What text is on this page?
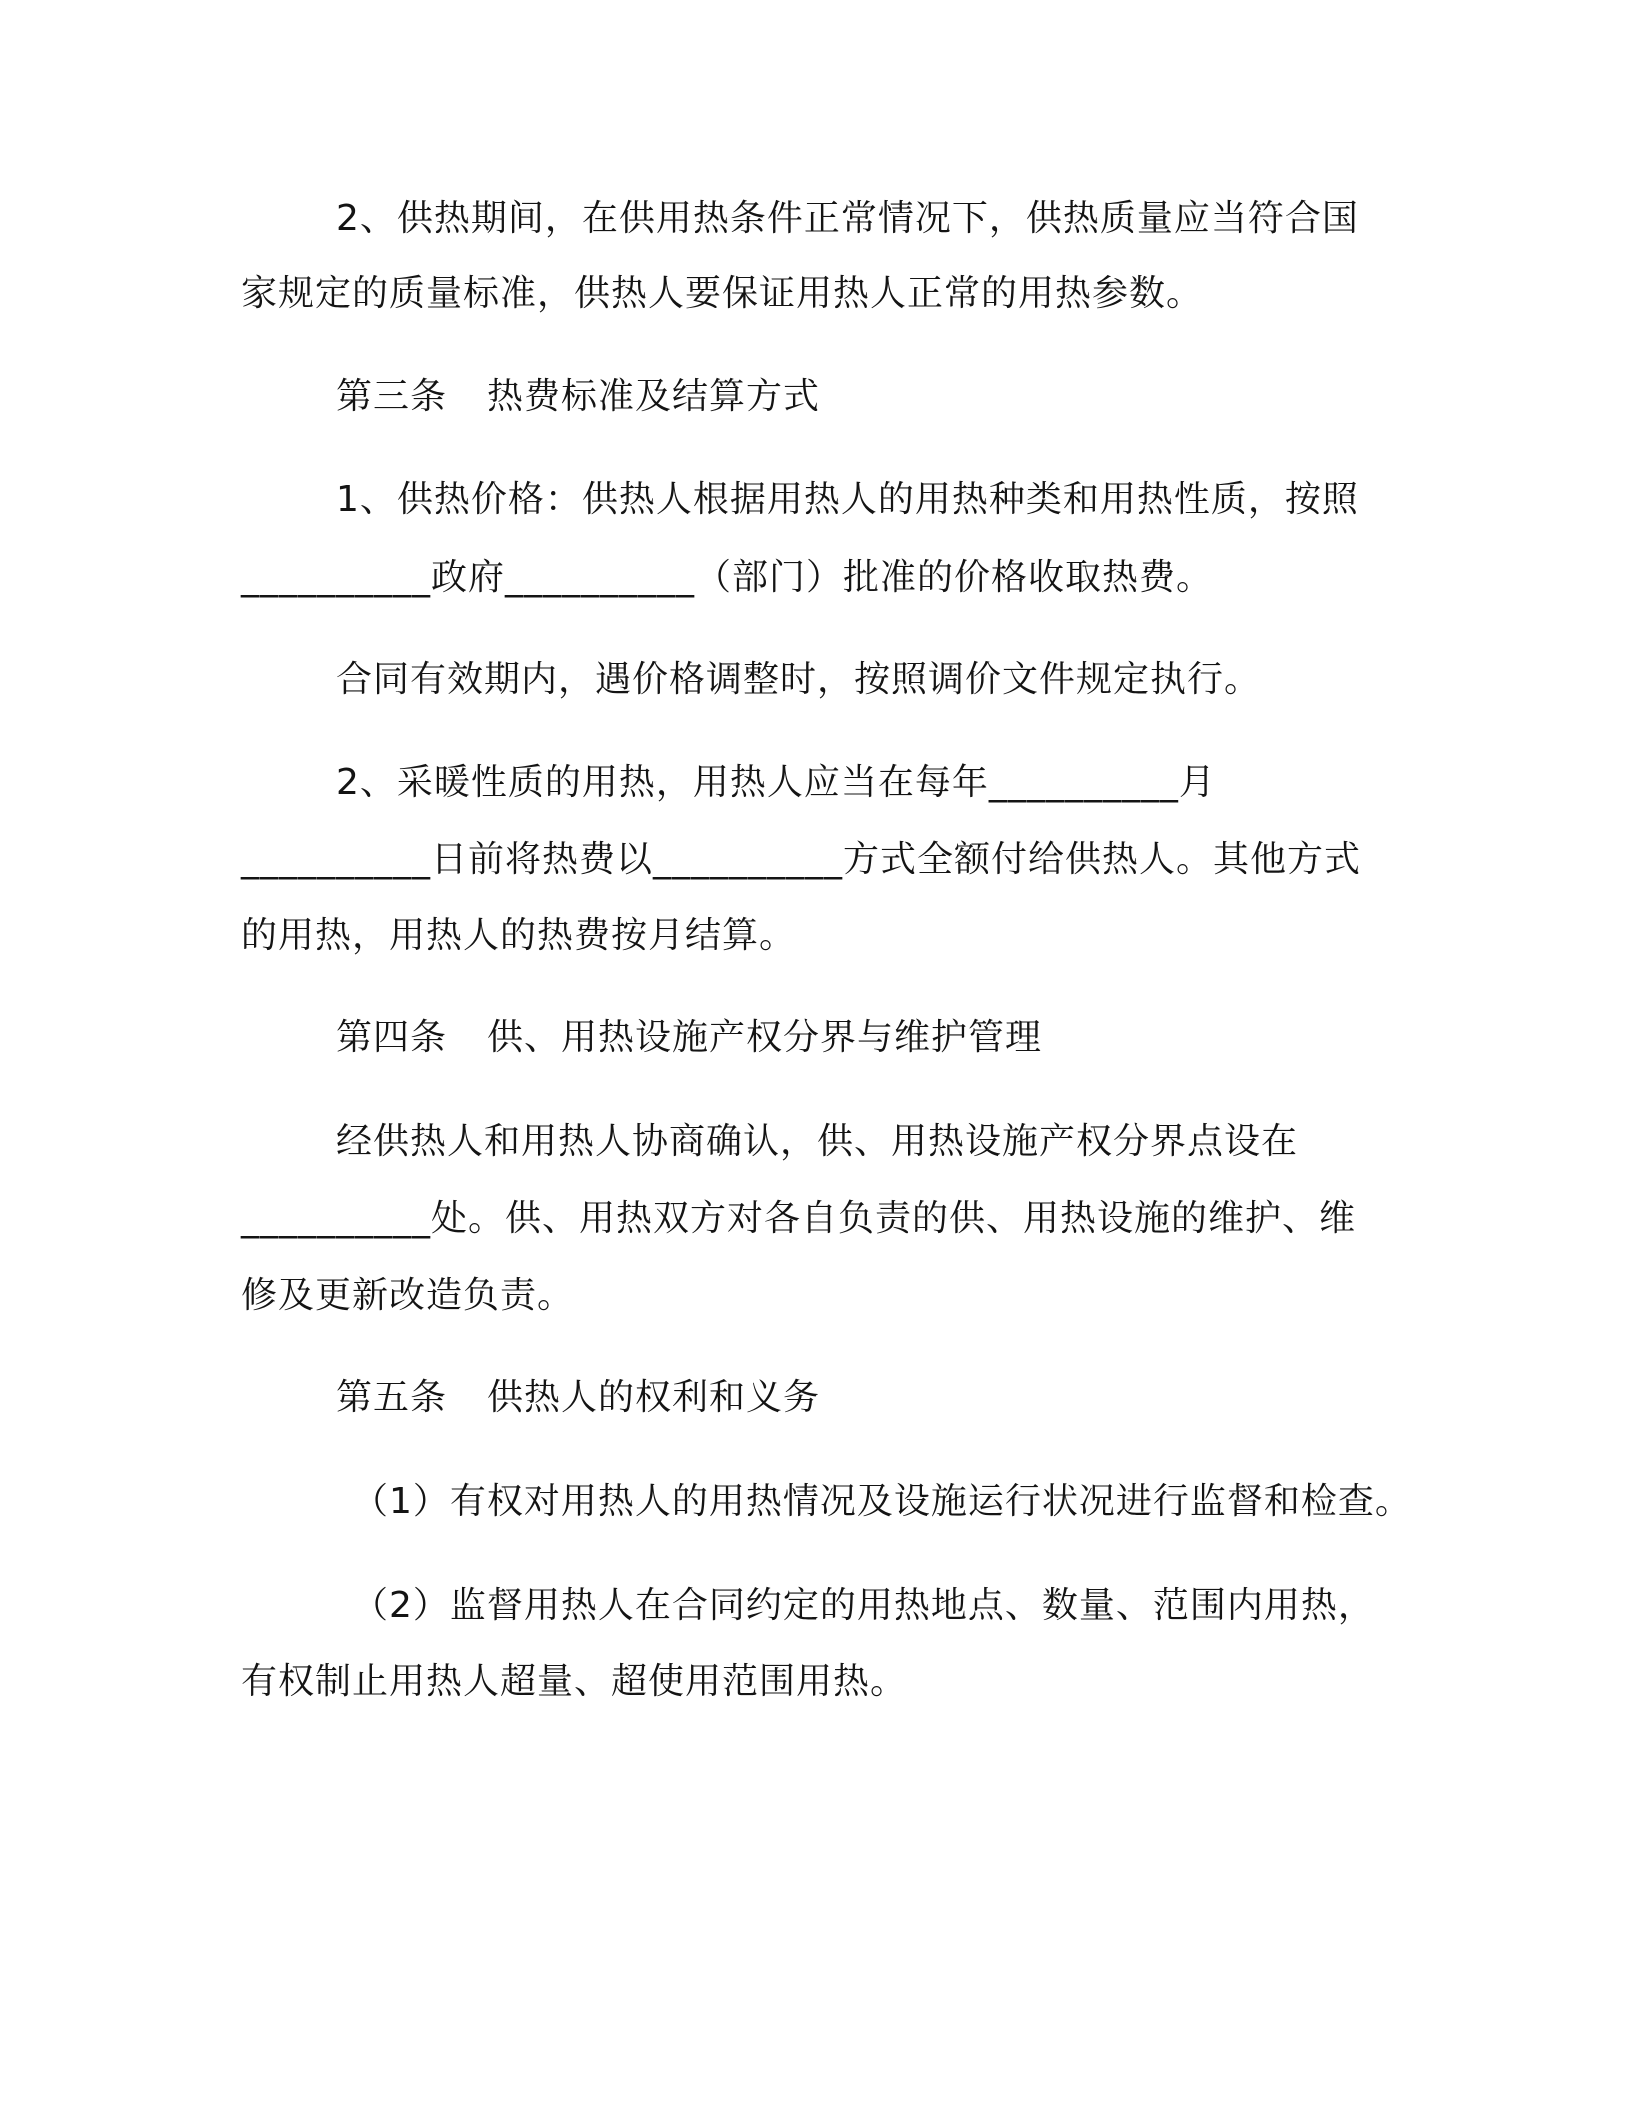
2、供热期间，在供用热条件正常情况下，供热质量应当符合国
家规定的质量标准，供热人要保证用热人正常的用热参数。
第三条 热费标准及结算方式
1、供热价格：供热人根据用热人的用热种类和用热性质，按照
__________政府__________（部门）批准的价格收取热费。
合同有效期内，遇价格调整时，按照调价文件规定执行。
2、采暖性质的用热，用热人应当在每年__________月
__________日前将热费以__________方式全额付给供热人。其他方式
的用热，用热人的热费按月结算。
第四条 供、用热设施产权分界与维护管理
经供热人和用热人协商确认，供、用热设施产权分界点设在
__________处。供、用热双方对各自负责的供、用热设施的维护、维
修及更新改造负责。
第五条 供热人的权利和义务
（1）有权对用热人的用热情况及设施运行状况进行监督和检查。
（2）监督用热人在合同约定的用热地点、数量、范围内用热，
有权制止用热人超量、超使用范围用热。
